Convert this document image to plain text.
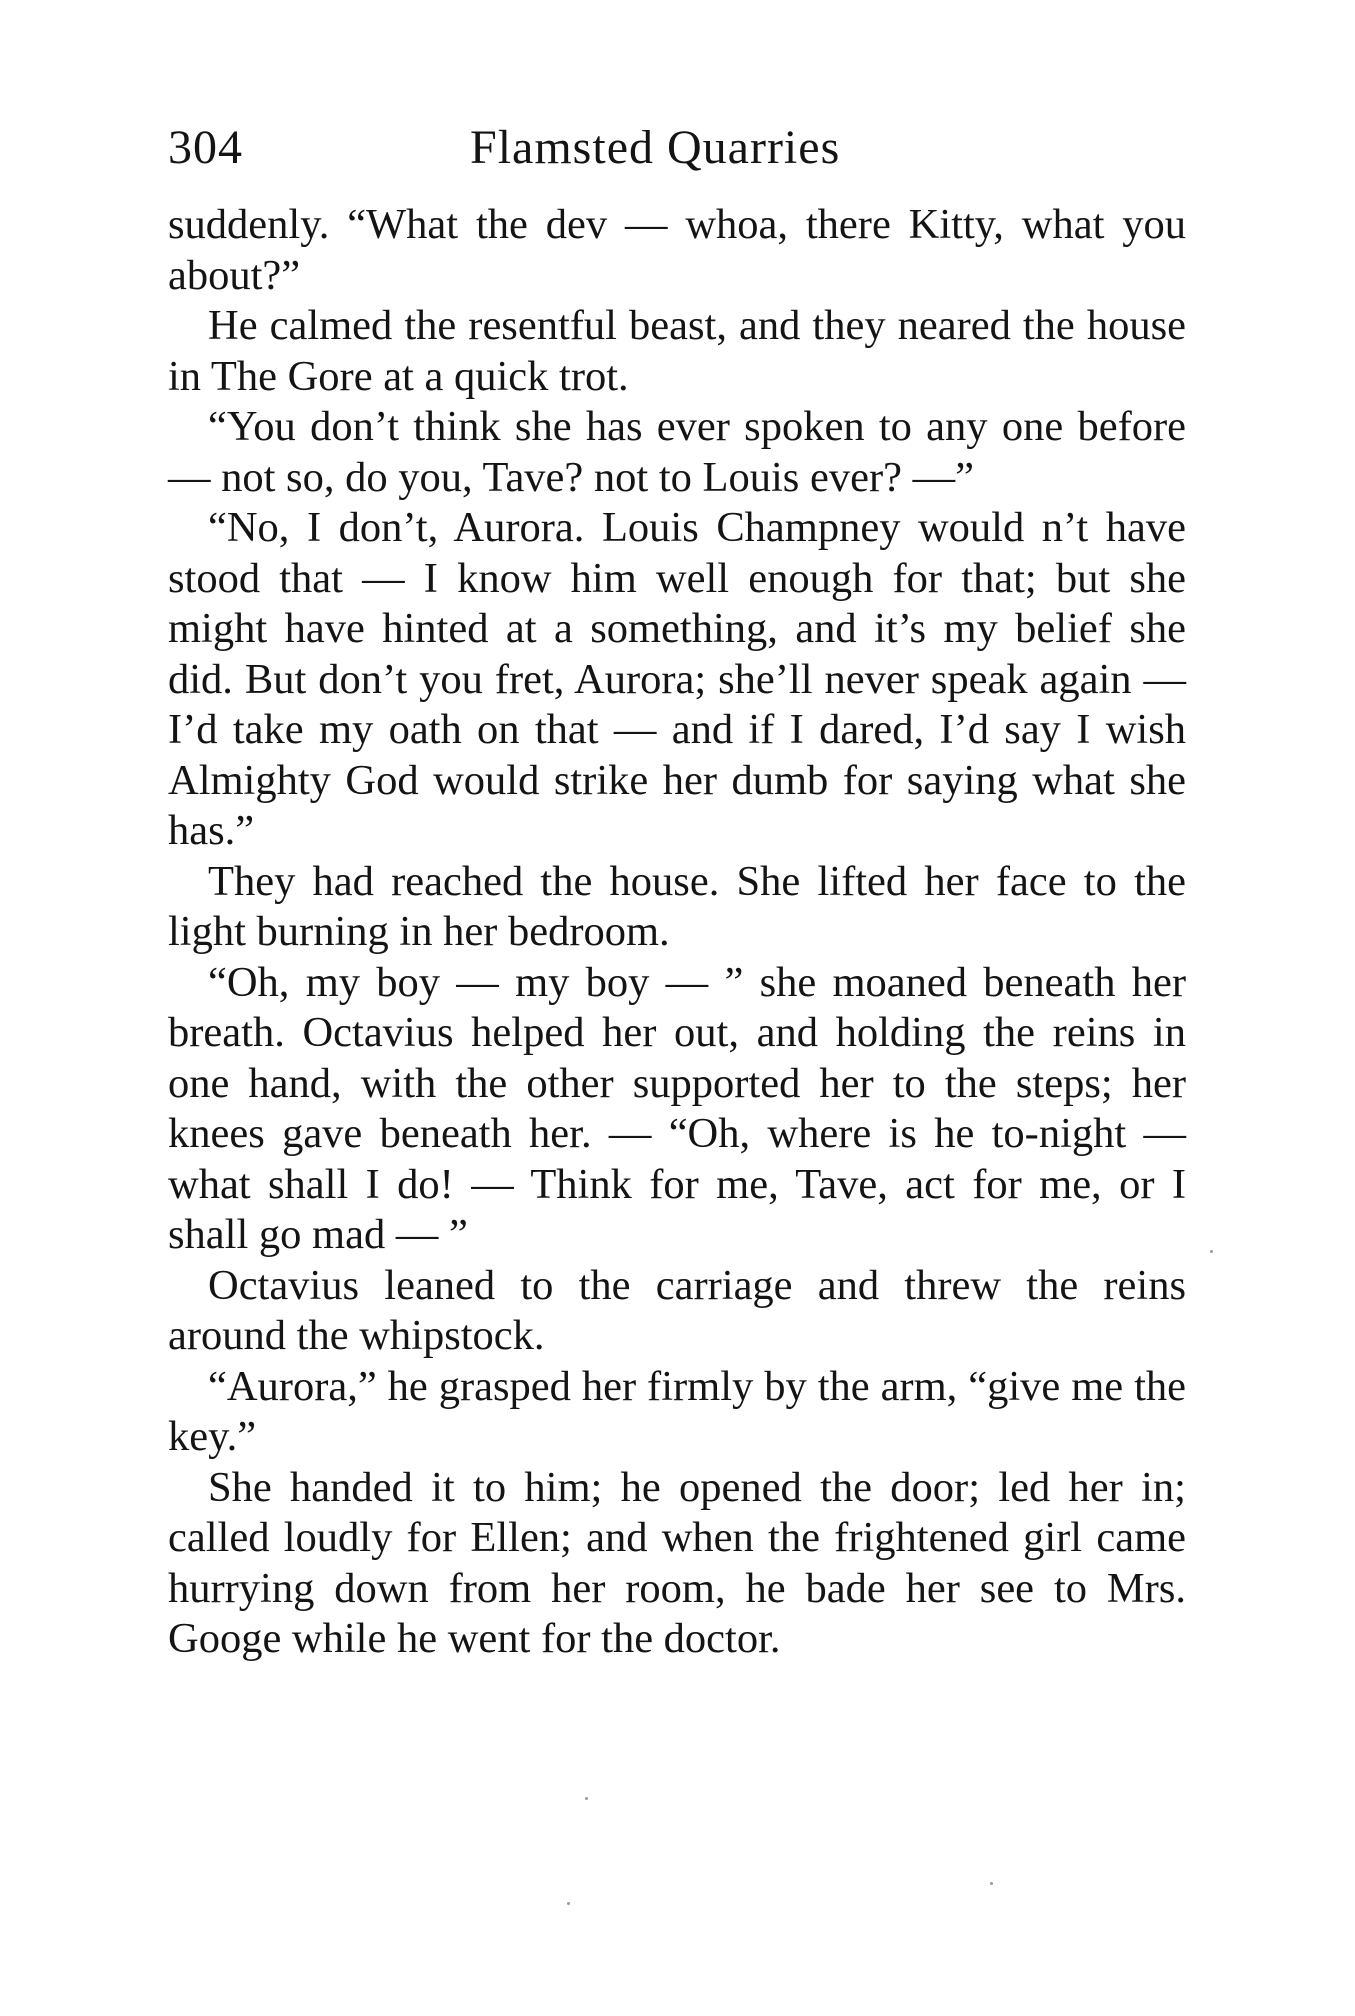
304	Flamsted Quarries

suddenly. “What the dev — whoa, there Kitty, what you about?”

He calmed the resentful beast, and they neared the house in The Gore at a quick trot.

“You don’t think she has ever spoken to any one before — not so, do you, Tave? not to Louis ever? —”

“No, I don’t, Aurora. Louis Champney would n’t have stood that — I know him well enough for that; but she might have hinted at a something, and it’s my belief she did. But don’t you fret, Aurora; she’ll never speak again — I’d take my oath on that — and if I dared, I’d say I wish Almighty God would strike her dumb for saying what she has.”

They had reached the house. She lifted her face to the light burning in her bedroom.

“Oh, my boy — my boy — ” she moaned beneath her breath. Octavius helped her out, and holding the reins in one hand, with the other supported her to the steps; her knees gave beneath her. — “Oh, where is he to-night — what shall I do! — Think for me, Tave, act for me, or I shall go mad — ”

Octavius leaned to the carriage and threw the reins around the whipstock.

“Aurora,” he grasped her firmly by the arm, “give me the key.”

She handed it to him; he opened the door; led her in; called loudly for Ellen; and when the frightened girl came hurrying down from her room, he bade her see to Mrs. Googe while he went for the doctor.
